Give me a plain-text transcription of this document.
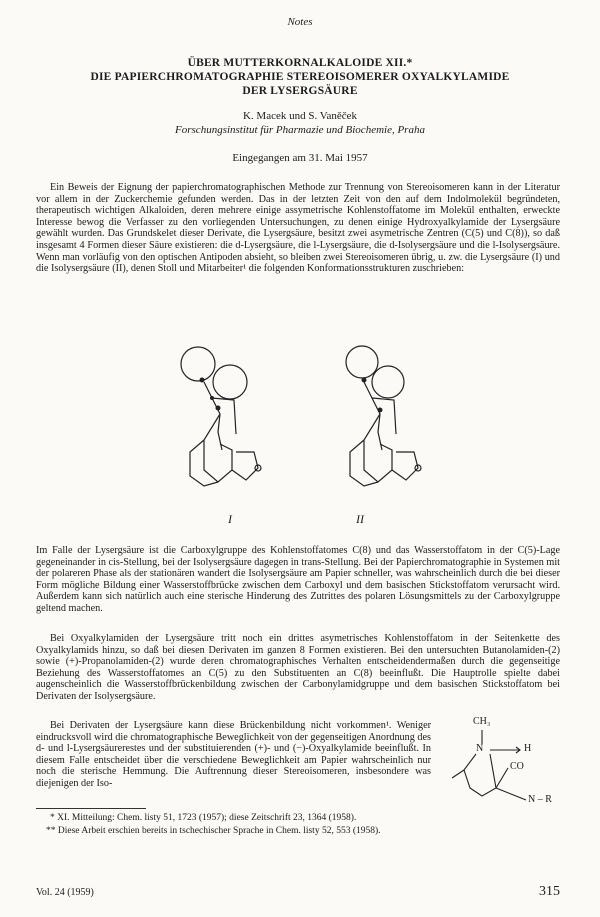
Notes
ÜBER MUTTERKORNALKALOIDE XII.*
DIE PAPIERCHROMATOGRAPHIE STEREOISOMERER OXYALKYLAMIDE
DER LYSERGSÄURE
K. Macek und S. Vaněček
Forschungsinstitut für Pharmazie und Biochemie, Praha
Eingegangen am 31. Mai 1957

Ein Beweis der Eignung der papierchromatographischen Methode zur Trennung von Stereoisomeren kann in der Literatur vor allem in der Zuckerchemie gefunden werden. Das in der letzten Zeit von den auf dem Indolmolekül begründeten, therapeutisch wichtigen Alkaloiden, deren mehrere einige assymetrische Kohlenstoffatome im Molekül enthalten, erweckte Interesse bewog die Verfasser zu den vorliegenden Untersuchungen, zu denen einige Hydroxyalkylamide der Lysergsäure gewählt wurden. Das Grundskelet dieser Derivate, die Lysergsäure, besitzt zwei asymetrische Zentren (C(5) und C(8)), so daß insgesamt 4 Formen dieser Säure existieren: die d-Lysergsäure, die l-Lysergsäure, die d-Isolysergsäure und die l-Isolysergsäure. Wenn man vorläufig von den optischen Antipoden absieht, so bleiben zwei Stereoisomeren übrig, u. zw. die Lysergsäure (I) und die Isolysergsäure (II), denen Stoll und Mitarbeiter¹ die folgenden Konformationsstrukturen zuschrieben:

I	II

Im Falle der Lysergsäure ist die Carboxylgruppe des Kohlenstoffatomes C(8) und das Wasserstoffatom in der C(5)-Lage gegeneinander in cis-Stellung, bei der Isolysergsäure dagegen in trans-Stellung. Bei der Papierchromatographie in Systemen mit der polareren Phase als der stationären wandert die Isolysergsäure am Papier schneller, was wahrscheinlich durch die bei dieser Form mögliche Bildung einer Wasserstoffbrücke zwischen dem Carboxyl und dem basischen Stickstoffatom verursacht wird. Außerdem kann sich natürlich auch eine sterische Hinderung des Zutrittes des polaren Lösungsmittels zu der Carboxylgruppe geltend machen.

Bei Oxyalkylamiden der Lysergsäure tritt noch ein drittes asymetrisches Kohlenstoffatom in der Seitenkette des Oxyalkylamids hinzu, so daß bei diesen Derivaten im ganzen 8 Formen existieren. Bei den untersuchten Butanolamiden-(2) sowie (+)-Propanolamiden-(2) wurde deren chromatographisches Verhalten entscheidendermaßen durch die gegenseitige Beziehung des Wasserstoffatomes an C(5) zu den Substituenten an C(8) beeinflußt. Die Hauptrolle spielte dabei augenscheinlich die Wasserstoffbrückenbildung zwischen der Carbonylamidgruppe und dem basischen Stickstoffatom bei Derivaten der Isolysergsäure.

Bei Derivaten der Lysergsäure kann diese Brückenbildung nicht vorkommen¹. Weniger eindrucksvoll wird die chromatographische Beweglichkeit von der gegenseitigen Anordnung des d- und l-Lysergsäurerestes und der substituierenden (+)- und (−)-Oxyalkylamide beeinflußt. In diesem Falle entscheidet über die verschiedene Beweglichkeit am Papier wahrscheinlich nur noch die sterische Hemmung. Die Auftrennung dieser Stereoisomeren, insbesondere was diejenigen der Iso-

CH₃
N	H
CO
N – R

* XI. Mitteilung: Chem. listy 51, 1723 (1957); diese Zeitschrift 23, 1364 (1958).

** Diese Arbeit erschien bereits in tschechischer Sprache in Chem. listy 52, 553 (1958).

Vol. 24 (1959)	315
